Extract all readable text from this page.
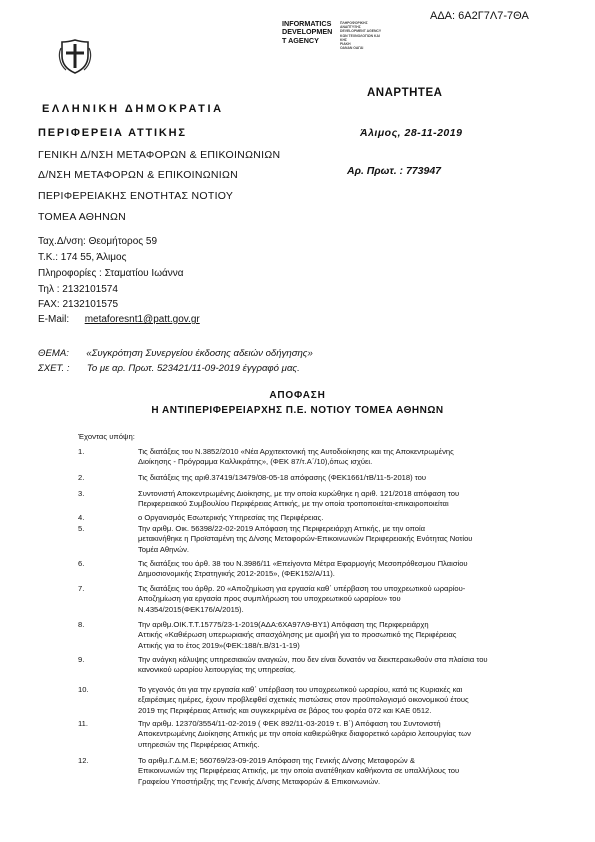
ΑΔΑ: 6Α2Γ7Λ7-7ΘΑ
INFORMATICS
DEVELOPMEN
T AGENCY
ΠΛΗΡΟΦΟΡΙΚΗΣ
ΑΝΑΠΤΥΞΗΣ
DEVELOPMENT AGENCY
ΚΩΝ ΤΕΧΝΟΛΟΓΙΩΝ ΚΑΙ
ΚΗΣ
ΡΙΑΚΗ
ΟΑΝΑΝ ΟΑΓΑΙ
ΑΝΑΡΤΗΤΕΑ
ΕΛΛΗΝΙΚΗ ΔΗΜΟΚΡΑΤΙΑ
ΠΕΡΙΦΕΡΕΙΑ ΑΤΤΙΚΗΣ	Άλιμος, 28-11-2019
ΓΕΝΙΚΗ Δ/ΝΣΗ ΜΕΤΑΦΟΡΩΝ & ΕΠΙΚΟΙΝΩΝΙΩΝ
Δ/ΝΣΗ ΜΕΤΑΦΟΡΩΝ & ΕΠΙΚΟΙΝΩΝΙΩΝ	Αρ. Πρωτ. : 773947
ΠΕΡΙΦΕΡΕΙΑΚΗΣ ΕΝΟΤΗΤΑΣ ΝΟΤΙΟΥ
ΤΟΜΕΑ ΑΘΗΝΩΝ
Ταχ.Δ/νση: Θεομήτορος 59
Τ.Κ.: 174 55, Άλιμος
Πληροφορίες : Σταματίου Ιωάννα
Τηλ : 2132101574
FAX: 2132101575
E-Mail: metaforesnt1@patt.gov.gr
ΘΕΜΑ: «Συγκρότηση Συνεργείου έκδοσης αδειών οδήγησης»
ΣΧΕΤ. : Το με αρ. Πρωτ. 523421/11-09-2019 έγγραφό μας.
ΑΠΟΦΑΣΗ
Η ΑΝΤΙΠΕΡΙΦΕΡΕΙΑΡΧΗΣ Π.Ε. ΝΟΤΙΟΥ ΤΟΜΕΑ ΑΘΗΝΩΝ
Έχοντας υπόψη:
1.	Τις διατάξεις του Ν.3852/2010 «Νέα Αρχιτεκτονική της Αυτοδιοίκησης και της Αποκεντρωμένης
Διοίκησης - Πρόγραμμα Καλλικράτης», (ΦΕΚ 87/τ.Α΄/10),όπως ισχύει.
2.	Τις διατάξεις της αριθ.37419/13479/08-05-18 απόφασης (ΦΕΚ1661/τΒ/11-5-2018) του
3.	Συντονιστή Αποκεντρωμένης Διοίκησης, με την οποία κυρώθηκε η αριθ. 121/2018 απόφαση του
Περιφερειακού Συμβουλίου Περιφέρειας Αττικής, με την οποία τροποποιείται-επικαιροποιείται
4.	ο Οργανισμός Εσωτερικής Υπηρεσίας της Περιφέρειας.
5.	Την αριθμ. Οικ. 56398/22-02-2019 Απόφαση της Περιφερειάρχη Αττικής, με την οποία
μετακινήθηκε η Προϊσταμένη της Δ/νσης Μεταφορών-Επικοινωνιών Περιφερειακής Ενότητας Νοτίου
Τομέα Αθηνών.
6.	Τις διατάξεις του άρθ. 38 του Ν.3986/11 «Επείγοντα Μέτρα Εφαρμογής Μεσοπρόθεσμου Πλαισίου
Δημοσιονομικής Στρατηγικής 2012-2015», (ΦΕΚ152/Α/11).
7.	Τις διατάξεις του άρθρ. 20 «Αποζημίωση για εργασία καθ΄ υπέρβαση του υποχρεωτικού ωραρίου-
Αποζημίωση για εργασία προς συμπλήρωση του υποχρεωτικού ωραρίου» του
Ν.4354/2015(ΦΕΚ176/Α/2015).
8.	Την αριθμ.ΟΙΚ.Τ.Τ.15775/23-1-2019(ΑΔΑ:6ΧΑ97Λ9-ΒΥ1) Απόφαση της Περιφερειάρχη
Αττικής «Καθιέρωση υπερωριακής απασχόλησης με αμοιβή για το προσωπικό της Περιφέρειας
Αττικής για το έτος 2019»(ΦΕΚ:188/τ.Β/31-1-19)
9.	Την ανάγκη κάλυψης υπηρεσιακών αναγκών, που δεν είναι δυνατόν να διεκπεραιωθούν στα πλαίσια του
κανονικού ωραρίου λειτουργίας της υπηρεσίας.
10.	Το γεγονός ότι για την εργασία καθ΄ υπέρβαση του υποχρεωτικού ωραρίου, κατά τις Κυριακές και
εξαιρέσιμες ημέρες, έχουν προβλεφθεί σχετικές πιστώσεις στον προϋπολογισμό οικονομικού έτους
2019 της Περιφέρειας Αττικής και συγκεκριμένα σε βάρος του φορέα 072 και ΚΑΕ 0512.
11.	Την αριθμ. 12370/3554/11-02-2019 ( ΦΕΚ 892/11-03-2019 τ. Β΄) Απόφαση του Συντονιστή
Αποκεντρωμένης Διοίκησης Αττικής με την οποία καθιερώθηκε διαφορετικό ωράριο λειτουργίας των
υπηρεσιών της Περιφέρειας Αττικής.
12.	Το αριθμ.Γ.Δ.Μ.Ε; 560769/23-09-2019 Απόφαση της Γενικής Δ/νσης Μεταφορών &
Επικοινωνιών της Περιφέρειας Αττικής, με την οποία ανατέθηκαν καθήκοντα σε υπαλλήλους του
Γραφείου Υποστήριξης της Γενικής Δ/νσης Μεταφορών & Επικοινωνιών.
